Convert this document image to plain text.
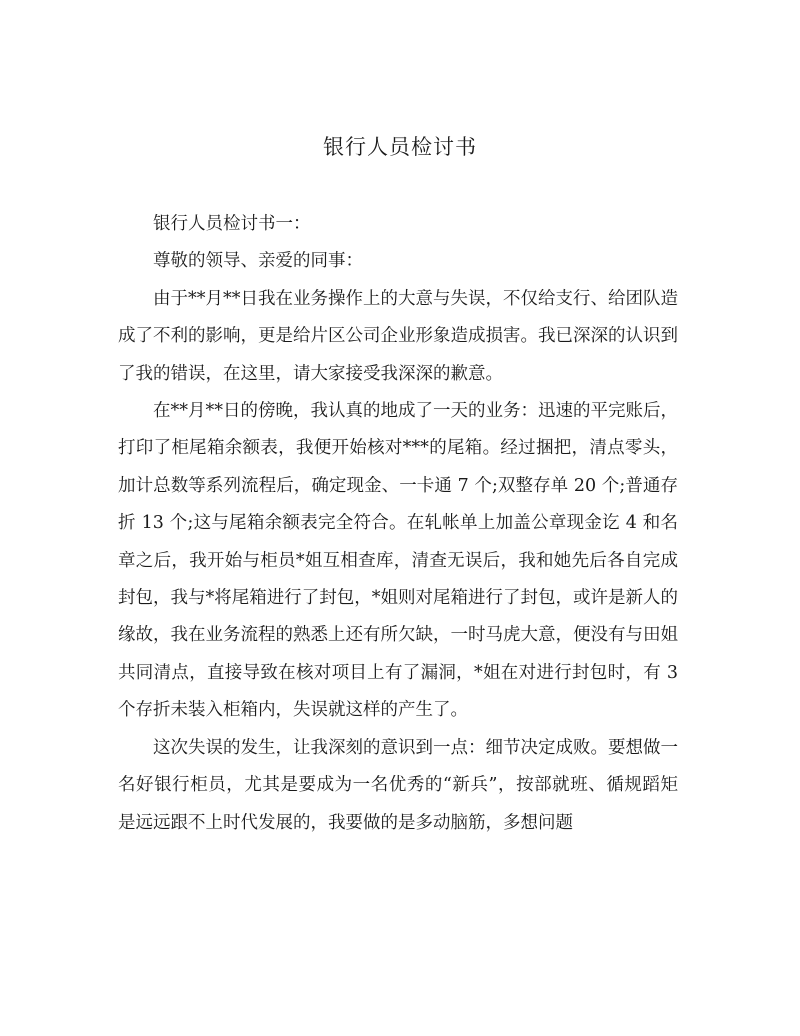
银行人员检讨书

银行人员检讨书一：

尊敬的领导、亲爱的同事：

由于**月**日我在业务操作上的大意与失误，不仅给支行、给团队造成了不利的影响，更是给片区公司企业形象造成损害。我已深深的认识到了我的错误，在这里，请大家接受我深深的歉意。

在**月**日的傍晚，我认真的地成了一天的业务：迅速的平完账后，打印了柜尾箱余额表，我便开始核对***的尾箱。经过捆把，清点零头，加计总数等系列流程后，确定现金、一卡通 7 个;双整存单 20 个;普通存折 13 个;这与尾箱余额表完全符合。在轧帐单上加盖公章现金讫 4 和名章之后，我开始与柜员*姐互相查库，清查无误后，我和她先后各自完成封包，我与*将尾箱进行了封包，*姐则对尾箱进行了封包，或许是新人的缘故，我在业务流程的熟悉上还有所欠缺，一时马虎大意，便没有与田姐共同清点，直接导致在核对项目上有了漏洞，*姐在对进行封包时，有 3 个存折未装入柜箱内，失误就这样的产生了。

这次失误的发生，让我深刻的意识到一点：细节决定成败。要想做一名好银行柜员，尤其是要成为一名优秀的“新兵”，按部就班、循规蹈矩是远远跟不上时代发展的，我要做的是多动脑筋，多想问题
